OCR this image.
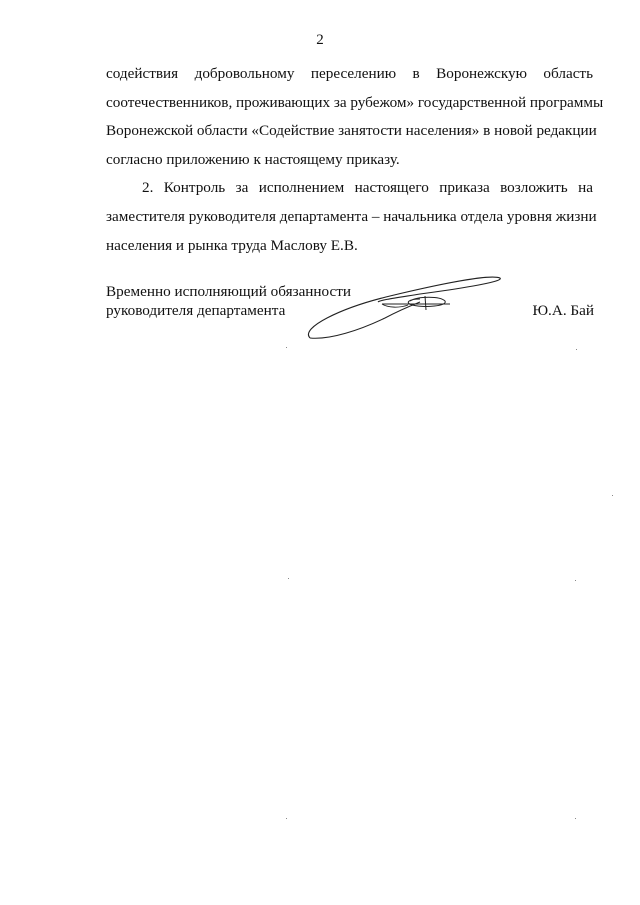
2

содействия добровольному переселению в Воронежскую область
соотечественников, проживающих за рубежом» государственной программы
Воронежской области «Содействие занятости населения» в новой редакции
согласно приложению к настоящему приказу.

2. Контроль за исполнением настоящего приказа возложить на
заместителя руководителя департамента – начальника отдела уровня жизни
населения и рынка труда Маслову Е.В.

Временно исполняющий обязанности
руководителя департамента	Ю.А. Бай
